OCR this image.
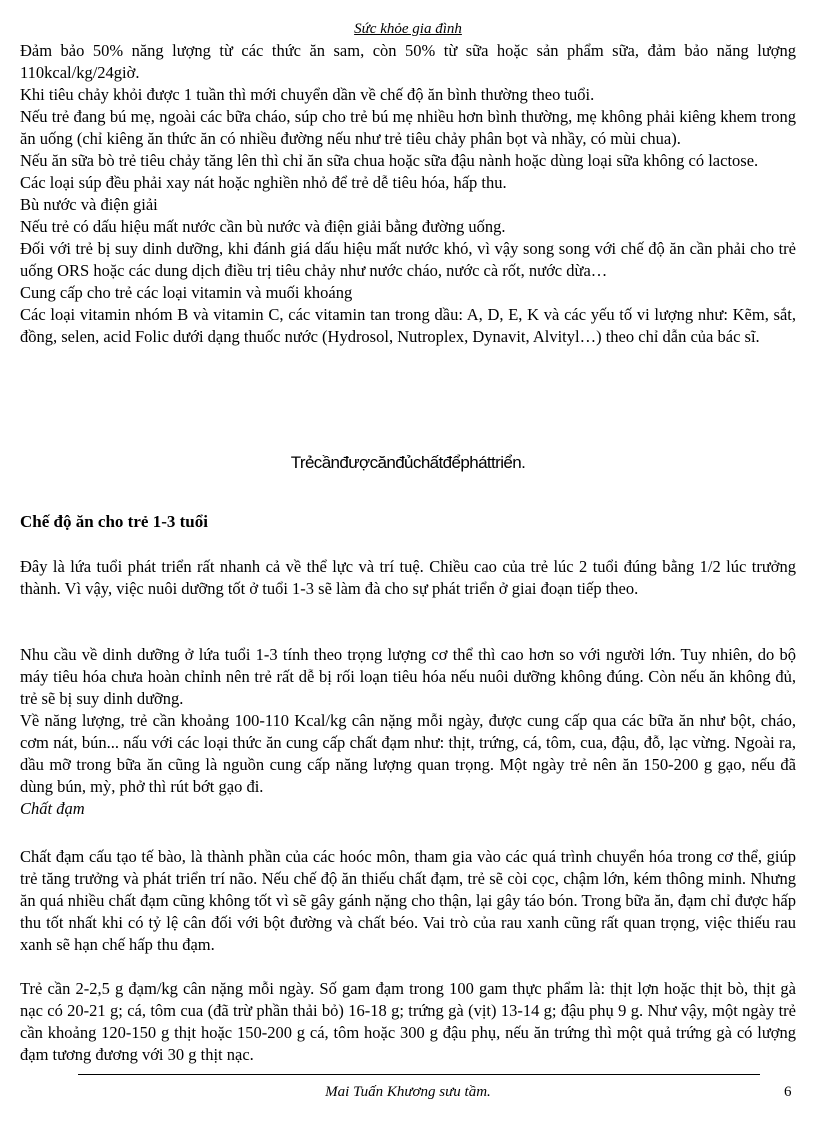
Sức khỏe gia đình

Đảm bảo 50% năng lượng từ các thức ăn sam, còn 50% từ sữa hoặc sản phẩm sữa, đảm bảo năng lượng 110kcal/kg/24giờ.

Khi tiêu chảy khỏi được 1 tuần thì mới chuyển dần về chế độ ăn bình thường theo tuổi.

Nếu trẻ đang bú mẹ, ngoài các bữa cháo, súp cho trẻ bú mẹ nhiều hơn bình thường, mẹ không phải kiêng khem trong ăn uống (chỉ kiêng ăn thức ăn có nhiều đường nếu như trẻ tiêu chảy phân bọt và nhầy, có mùi chua).

Nếu ăn sữa bò trẻ tiêu chảy tăng lên thì chỉ ăn sữa chua hoặc sữa đậu nành hoặc dùng loại sữa không có lactose.

Các loại súp đều phải xay nát hoặc nghiền nhỏ để trẻ dễ tiêu hóa, hấp thu.

Bù nước và điện giải

Nếu trẻ có dấu hiệu mất nước cần bù nước và điện giải bằng đường uống.

Đối với trẻ bị suy dinh dưỡng, khi đánh giá dấu hiệu mất nước khó, vì vậy song song với chế độ ăn cần phải cho trẻ uống ORS hoặc các dung dịch điều trị tiêu chảy như nước cháo, nước cà rốt, nước dừa…

Cung cấp cho trẻ các loại vitamin và muối khoáng

Các loại vitamin nhóm B và vitamin C, các vitamin tan trong dầu: A, D, E, K và các yếu tố vi lượng như: Kẽm, sắt, đồng, selen, acid Folic dưới dạng thuốc nước (Hydrosol, Nutroplex, Dynavit, Alvityl…) theo chỉ dẫn của bác sĩ.

Trẻcầnđượcănđủchấtđểpháttriển.
Chế độ ăn cho trẻ 1-3 tuổi

Đây là lứa tuổi phát triển rất nhanh cả về thể lực và trí tuệ. Chiều cao của trẻ lúc 2 tuổi đúng bằng 1/2 lúc trưởng thành. Vì vậy, việc nuôi dưỡng tốt ở tuổi 1-3 sẽ làm đà cho sự phát triển ở giai đoạn tiếp theo.

Nhu cầu về dinh dưỡng ở lứa tuổi 1-3 tính theo trọng lượng cơ thể thì cao hơn so với người lớn. Tuy nhiên, do bộ máy tiêu hóa chưa hoàn chỉnh nên trẻ rất dễ bị rối loạn tiêu hóa nếu nuôi dưỡng không đúng. Còn nếu ăn không đủ, trẻ sẽ bị suy dinh dưỡng.

Về năng lượng, trẻ cần khoảng 100-110 Kcal/kg cân nặng mỗi ngày, được cung cấp qua các bữa ăn như bột, cháo, cơm nát, bún... nấu với các loại thức ăn cung cấp chất đạm như: thịt, trứng, cá, tôm, cua, đậu, đỗ, lạc vừng. Ngoài ra, dầu mỡ trong bữa ăn cũng là nguồn cung cấp năng lượng quan trọng. Một ngày trẻ nên ăn 150-200 g gạo, nếu đã dùng bún, mỳ, phở thì rút bớt gạo đi.

Chất đạm

Chất đạm cấu tạo tế bào, là thành phần của các hoóc môn, tham gia vào các quá trình chuyển hóa trong cơ thể, giúp trẻ tăng trưởng và phát triển trí não. Nếu chế độ ăn thiếu chất đạm, trẻ sẽ còi cọc, chậm lớn, kém thông minh. Nhưng ăn quá nhiều chất đạm cũng không tốt vì sẽ gây gánh nặng cho thận, lại gây táo bón. Trong bữa ăn, đạm chỉ được hấp thu tốt nhất khi có tỷ lệ cân đối với bột đường và chất béo. Vai trò của rau xanh cũng rất quan trọng, việc thiếu rau xanh sẽ hạn chế hấp thu đạm.

Trẻ cần 2-2,5 g đạm/kg cân nặng mỗi ngày. Số gam đạm trong 100 gam thực phẩm là: thịt lợn hoặc thịt bò, thịt gà nạc có 20-21 g; cá, tôm cua (đã trừ phần thải bỏ) 16-18 g; trứng gà (vịt) 13-14 g; đậu phụ 9 g. Như vậy, một ngày trẻ cần khoảng 120-150 g thịt hoặc 150-200 g cá, tôm hoặc 300 g đậu phụ, nếu ăn trứng thì một quả trứng gà có lượng đạm tương đương với 30 g thịt nạc.

Mai Tuấn Khương sưu tầm.	6
